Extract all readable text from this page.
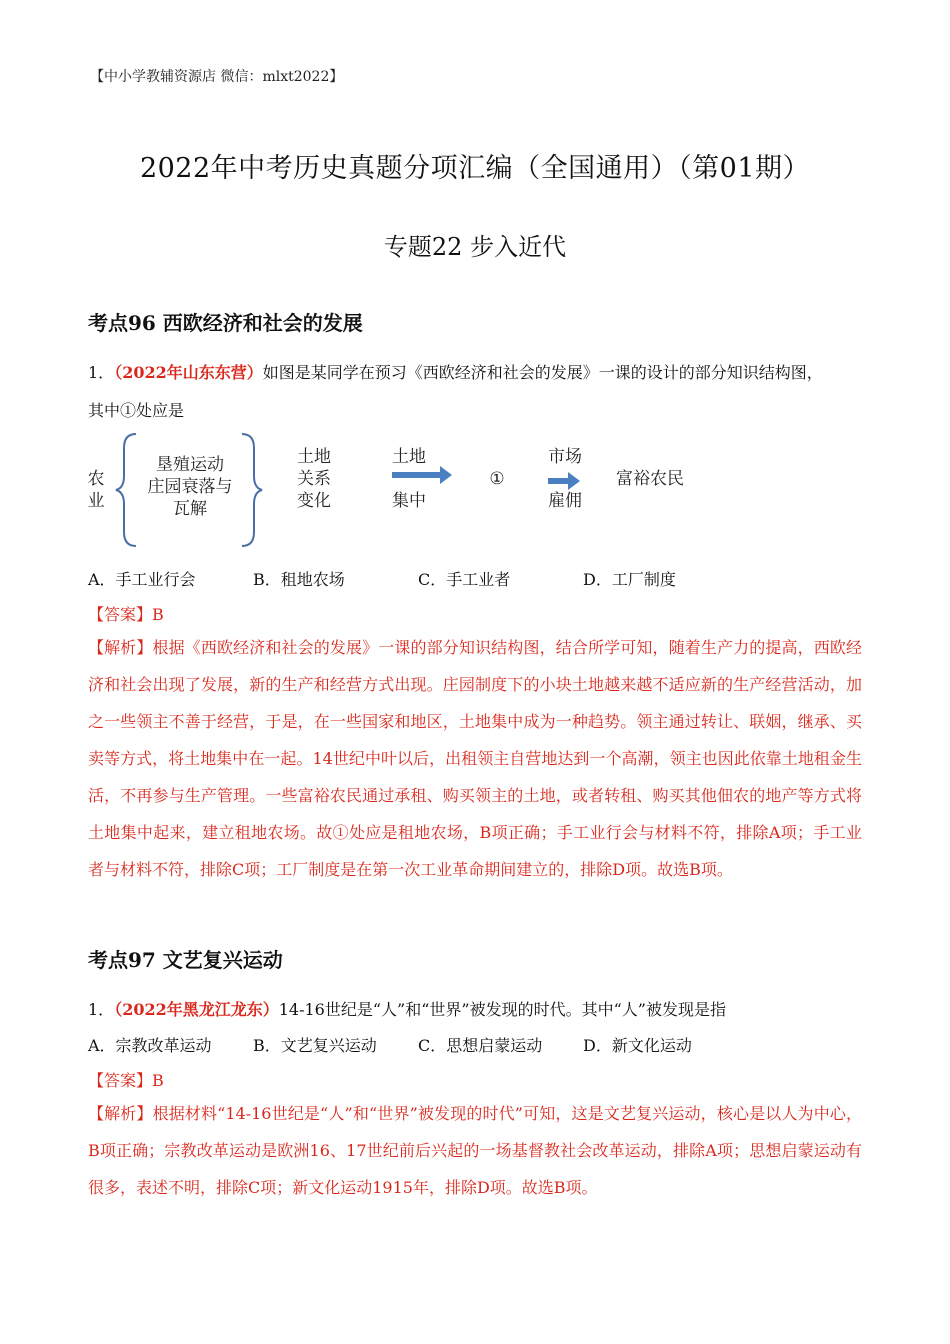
【中小学教辅资源店 微信：mlxt2022】
2022年中考历史真题分项汇编（全国通用）（第01期）
专题22 步入近代
考点96 西欧经济和社会的发展
1．（2022年山东东营）如图是某同学在预习《西欧经济和社会的发展》一课的设计的部分知识结构图，
其中①处应是
农
业
垦殖运动
庄园衰落与
瓦解
土地
关系
变化
土地
集中
①
市场
雇佣
富裕农民
A．手工业行会	B．租地农场	C．手工业者	D．工厂制度
【答案】B
【解析】根据《西欧经济和社会的发展》一课的部分知识结构图，结合所学可知，随着生产力的提高，西欧经济和社会出现了发展，新的生产和经营方式出现。庄园制度下的小块土地越来越不适应新的生产经营活动，加之一些领主不善于经营，于是，在一些国家和地区，土地集中成为一种趋势。领主通过转让、联姻，继承、买卖等方式，将土地集中在一起。14世纪中叶以后，出租领主自营地达到一个高潮，领主也因此依靠土地租金生活，不再参与生产管理。一些富裕农民通过承租、购买领主的土地，或者转租、购买其他佃农的地产等方式将土地集中起来，建立租地农场。故①处应是租地农场，B项正确；手工业行会与材料不符，排除A项；手工业者与材料不符，排除C项；工厂制度是在第一次工业革命期间建立的，排除D项。故选B项。
考点97 文艺复兴运动
1．（2022年黑龙江龙东）14-16世纪是“人”和“世界”被发现的时代。其中“人”被发现是指
A．宗教改革运动	B．文艺复兴运动	C．思想启蒙运动	D．新文化运动
【答案】B
【解析】根据材料“14-16世纪是“人”和“世界”被发现的时代”可知，这是文艺复兴运动，核心是以人为中心，B项正确；宗教改革运动是欧洲16、17世纪前后兴起的一场基督教社会改革运动，排除A项；思想启蒙运动有很多，表述不明，排除C项；新文化运动1915年，排除D项。故选B项。
